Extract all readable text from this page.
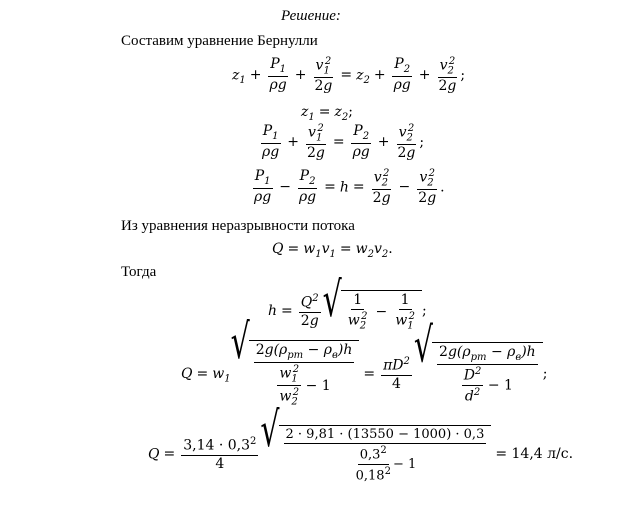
Решение:
Составим уравнение Бернулли
$z_1 + \frac{P_1}{\rho g} + \frac{v_1^2}{2g} = z_2 + \frac{P_2}{\rho g} + \frac{v_2^2}{2g}$ ;
$z_1 = z_2$;
$\frac{P_1}{\rho g} + \frac{v_1^2}{2g} = \frac{P_2}{\rho g} + \frac{v_2^2}{2g}$ ;
$\frac{P_1}{\rho g} - \frac{P_2}{\rho g} = h = \frac{v_2^2}{2g} - \frac{v_2^2}{2g}$ .
Из уравнения неразрывности потока
$Q = w_1v_1 = w_2v_2$.
Тогда
$h = \frac{Q^2}{2g}$ √ $\frac{1}{w_2^2} - \frac{1}{w_1^2}$ ;
$Q = w_1$
√
$\frac{2g(\rho_{рт} - \rho_в)h}{\frac{w_1^2}{w_2^2} - 1} = \frac{\pi D^2}{4}$ √ $\frac{2g(\rho_{рт} - \rho_в)h}{\frac{D^2}{d^2} - 1}$ ;
$Q = \frac{3,14 \cdot 0,3^2}{4}$ √ $\frac{2 \cdot 9,81 \cdot (13550 - 1000) \cdot 0,3}{\frac{0,3^2}{0,18^2} - 1} = 14,4$ л/с.
